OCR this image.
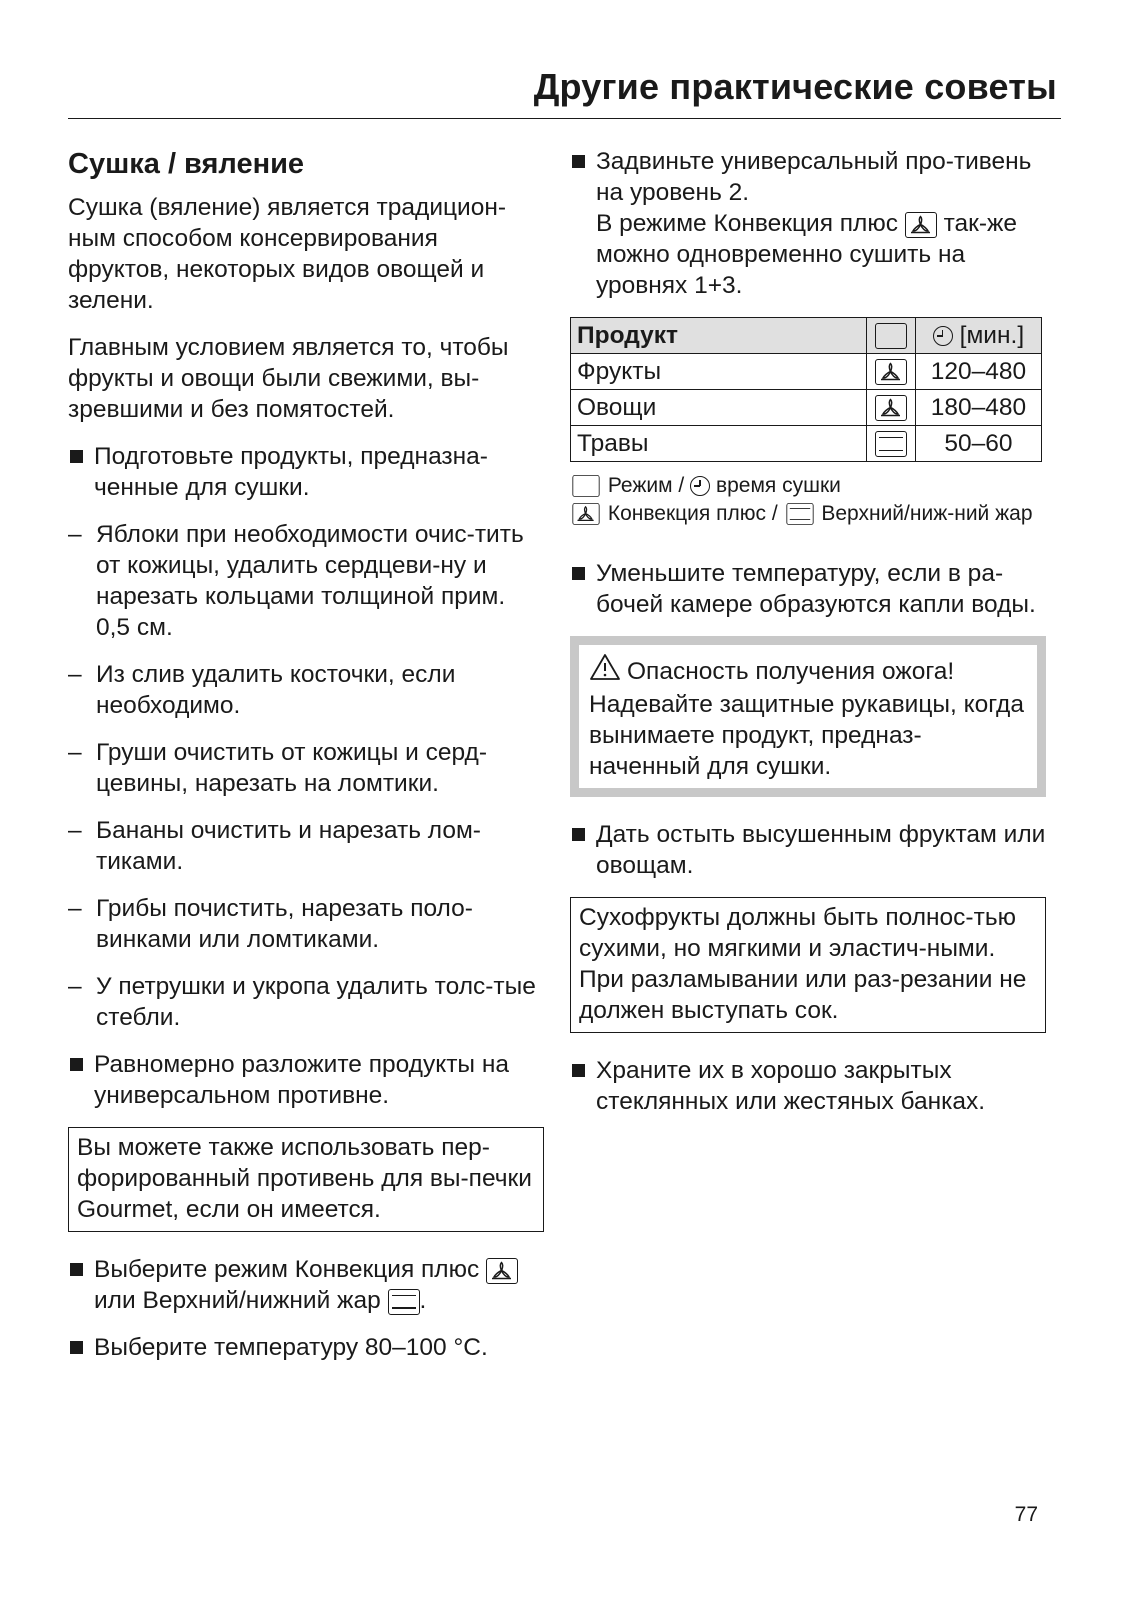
Другие практические советы
Сушка / вяление

Сушка (вяление) является традицион-ным способом консервирования фруктов, некоторых видов овощей и зелени.

Главным условием является то, чтобы фрукты и овощи были свежими, вы-зревшими и без помятостей.

Подготовьте продукты, предназна-ченные для сушки.
– Яблоки при необходимости очис-тить от кожицы, удалить сердцеви-ну и нарезать кольцами толщиной прим. 0,5 см.
– Из слив удалить косточки, если необходимо.
– Груши очистить от кожицы и серд-цевины, нарезать на ломтики.
– Бананы очистить и нарезать лом-тиками.
– Грибы почистить, нарезать поло-винками или ломтиками.
– У петрушки и укропа удалить толс-тые стебли.
Равномерно разложите продукты на универсальном противне.
Вы можете также использовать пер-форированный противень для вы-печки Gourmet, если он имеется.
Выберите режим Конвекция плюс
или Верхний/нижний жар .
Выберите температуру 80–100 °C.
Задвиньте универсальный про-тивень на уровень 2.
В режиме Конвекция плюс так-же можно одновременно сушить на уровнях 1+3.
Продукт		[мин.]
Фрукты		120–480
Овощи		180–480
Травы		50–60
Режим / время сушки

Конвекция плюс / Верхний/ниж-ний жар
Уменьшите температуру, если в ра-бочей камере образуются капли воды.
Опасность получения ожога!
Надевайте защитные рукавицы, когда вынимаете продукт, предназ-наченный для сушки.
Дать остыть высушенным фруктам или овощам.
Сухофрукты должны быть полнос-тью сухими, но мягкими и эластич-ными. При разламывании или раз-резании не должен выступать сок.
Храните их в хорошо закрытых стеклянных или жестяных банках.
77
